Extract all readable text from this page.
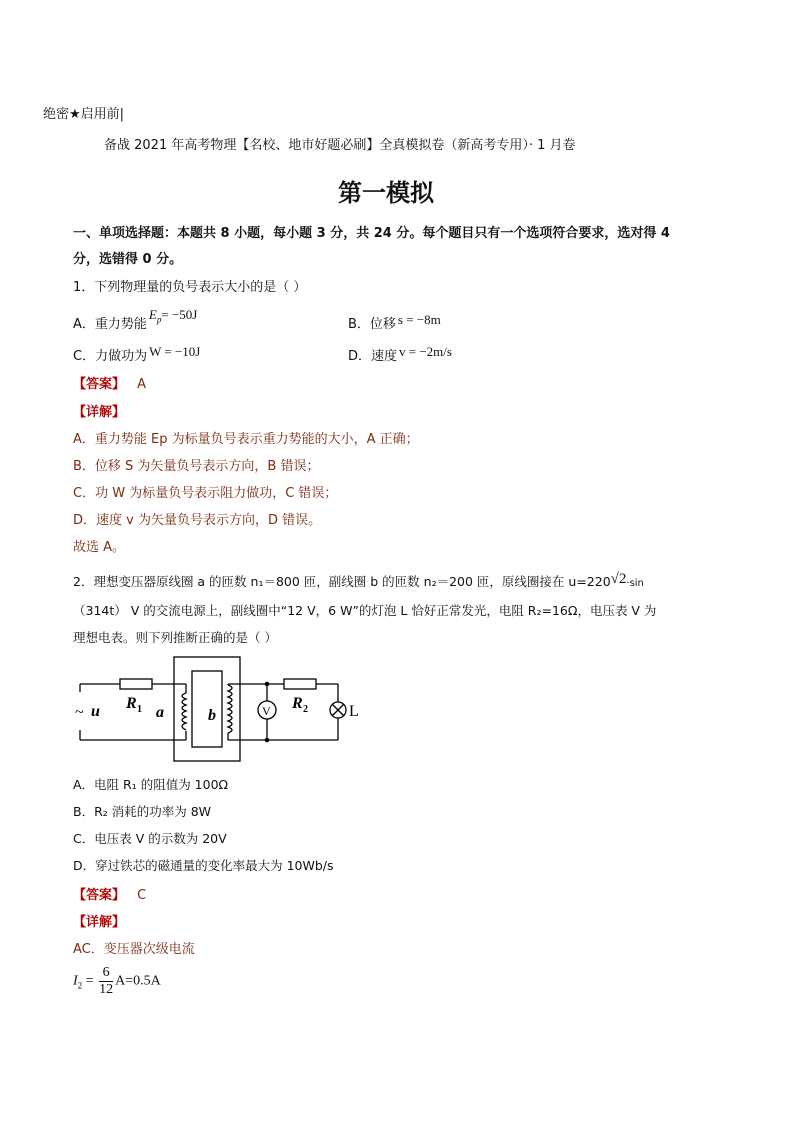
绝密★启用前|
备战 2021 年高考物理【名校、地市好题必刷】全真模拟卷（新高考专用）· 1 月卷
第一模拟
一、单项选择题：本题共 8 小题，每小题 3 分，共 24 分。每个题目只有一个选项符合要求，选对得 4
分，选错得 0 分。
1．下列物理量的负号表示大小的是（ ）
A．重力势能$E_p= -50J$
B．位移 s = −8m
C．力做功为 W = −10J	D．速度 v = −2m/s
【答案】 A
【详解】
A．重力势能 Ep 为标量负号表示重力势能的大小，A 正确；
B．位移 S 为矢量负号表示方向，B 错误；
C．功 W 为标量负号表示阻力做功，C 错误；
D．速度 v 为矢量负号表示方向，D 错误。
故选 A。
2．理想变压器原线圈 a 的匝数 n₁＝800 匝，副线圈 b 的匝数 n₂＝200 匝，原线圈接在 u=220√2·sin
（314t） V 的交流电源上，副线圈中“12 V，6 W”的灯泡 L 恰好正常发光，电阻 R₂=16Ω，电压表 V 为
理想电表。则下列推断正确的是（ ）
~ u R 1 a	b	V R 2	L
A．电阻 R₁ 的阻值为 100Ω
B．R₂ 消耗的功率为 8W
C．电压表 V 的示数为 20V
D．穿过铁芯的磁通量的变化率最大为 10Wb/s
【答案】 C
【详解】
AC．变压器次级电流
$I_2 = \frac{6}{12} A=0.5A$
